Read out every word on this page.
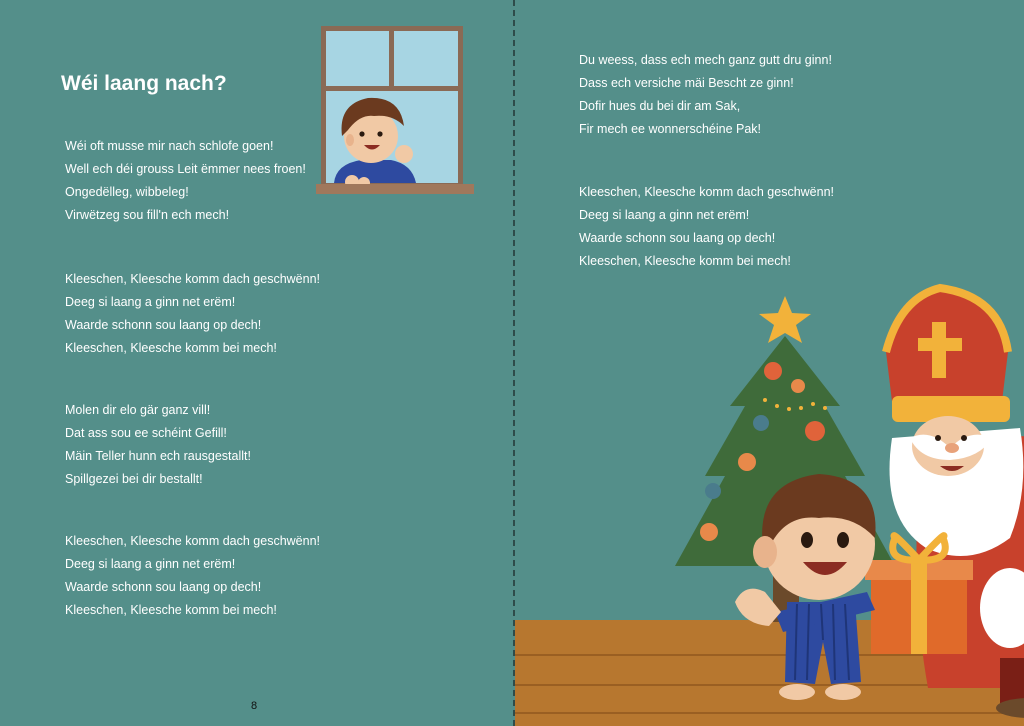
Wéi laang nach?
Wéi oft musse mir nach schlofe goen!
Well ech déi grouss Leit ëmmer nees froen!
Ongedëlleg, wibbeleg!
Virwëtzeg sou fill'n ech mech!
Kleeschen, Kleesche komm dach geschwënn!
Deeg si laang a ginn net erëm!
Waarde schonn sou laang op dech!
Kleeschen, Kleesche komm bei mech!
Molen dir elo gär ganz vill!
Dat ass sou ee schéint Gefill!
Mäin Teller hunn ech rausgestallt!
Spillgezei bei dir bestallt!
Kleeschen, Kleesche komm dach geschwënn!
Deeg si laang a ginn net erëm!
Waarde schonn sou laang op dech!
Kleeschen, Kleesche komm bei mech!
8
Du weess, dass ech mech ganz gutt dru ginn!
Dass ech versiche mäi Bescht ze ginn!
Dofir hues du bei dir am Sak,
Fir mech ee wonnerschéine Pak!
Kleeschen, Kleesche komm dach geschwënn!
Deeg si laang a ginn net erëm!
Waarde schonn sou laang op dech!
Kleeschen, Kleesche komm bei mech!
